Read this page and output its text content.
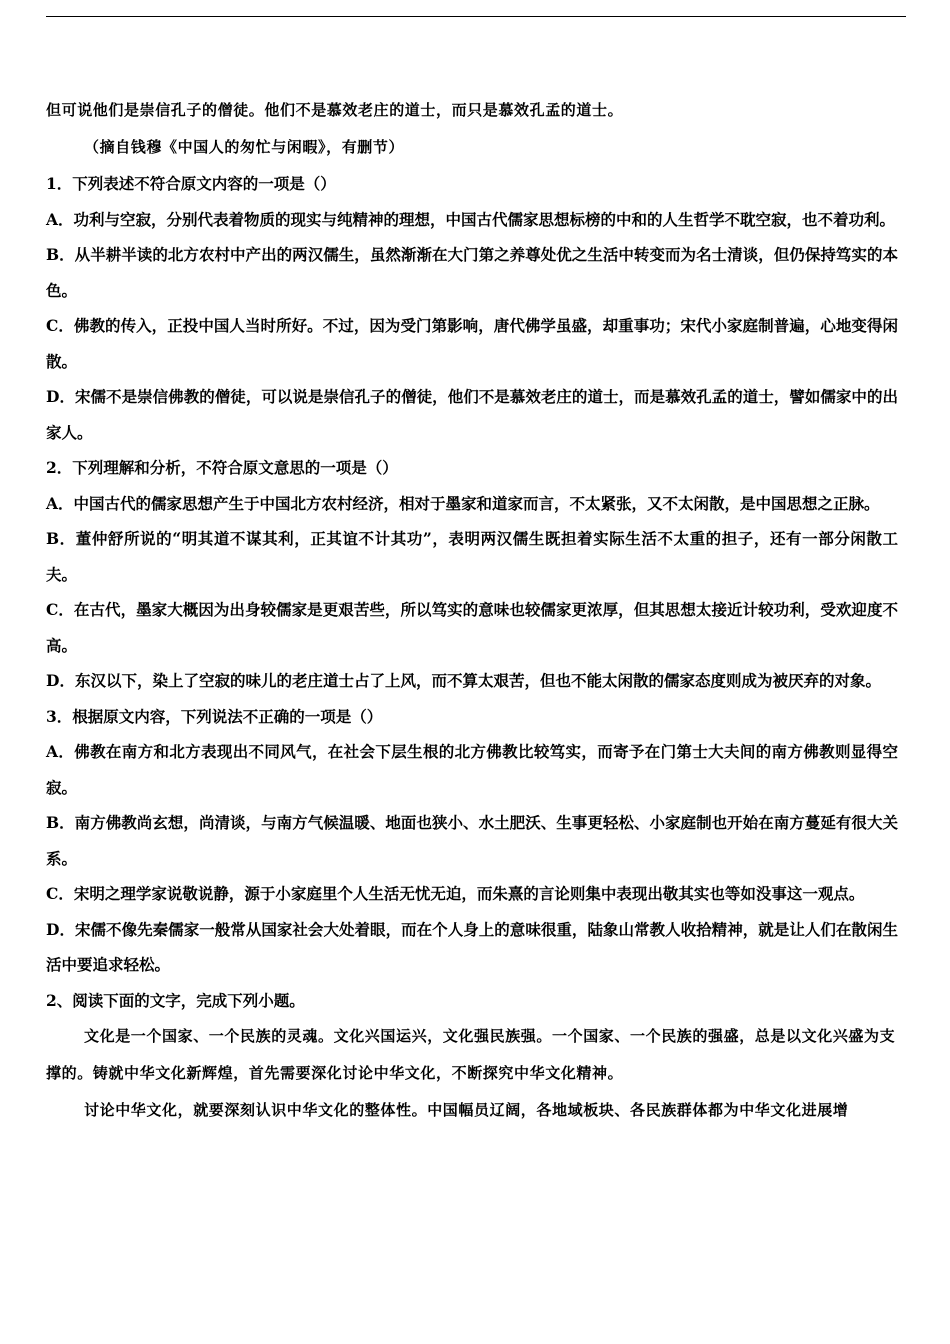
但可说他们是崇信孔子的僧徒。他们不是慕效老庄的道士，而只是慕效孔孟的道士。

（摘自钱穆《中国人的匆忙与闲暇》，有删节）

1．下列表述不符合原文内容的一项是（）

A．功利与空寂，分别代表着物质的现实与纯精神的理想，中国古代儒家思想标榜的中和的人生哲学不耽空寂，也不着功利。

B．从半耕半读的北方农村中产出的两汉儒生，虽然渐渐在大门第之养尊处优之生活中转变而为名士清谈，但仍保持笃实的本色。

C．佛教的传入，正投中国人当时所好。不过，因为受门第影响，唐代佛学虽盛，却重事功；宋代小家庭制普遍，心地变得闲散。

D．宋儒不是崇信佛教的僧徒，可以说是崇信孔子的僧徒，他们不是慕效老庄的道士，而是慕效孔孟的道士，譬如儒家中的出家人。

2．下列理解和分析，不符合原文意思的一项是（）

A．中国古代的儒家思想产生于中国北方农村经济，相对于墨家和道家而言，不太紧张，又不太闲散，是中国思想之正脉。

B．董仲舒所说的“明其道不谋其利，正其谊不计其功”，表明两汉儒生既担着实际生活不太重的担子，还有一部分闲散工夫。

C．在古代，墨家大概因为出身较儒家是更艰苦些，所以笃实的意味也较儒家更浓厚，但其思想太接近计较功利，受欢迎度不高。

D．东汉以下，染上了空寂的味儿的老庄道士占了上风，而不算太艰苦，但也不能太闲散的儒家态度则成为被厌弃的对象。

3．根据原文内容，下列说法不正确的一项是（）

A．佛教在南方和北方表现出不同风气，在社会下层生根的北方佛教比较笃实，而寄予在门第士大夫间的南方佛教则显得空寂。

B．南方佛教尚玄想，尚清谈，与南方气候温暖、地面也狭小、水土肥沃、生事更轻松、小家庭制也开始在南方蔓延有很大关系。

C．宋明之理学家说敬说静，源于小家庭里个人生活无忧无迫，而朱熹的言论则集中表现出敬其实也等如没事这一观点。

D．宋儒不像先秦儒家一般常从国家社会大处着眼，而在个人身上的意味很重，陆象山常教人收拾精神，就是让人们在散闲生活中要追求轻松。

2、阅读下面的文字，完成下列小题。

文化是一个国家、一个民族的灵魂。文化兴国运兴，文化强民族强。一个国家、一个民族的强盛，总是以文化兴盛为支撑的。铸就中华文化新辉煌，首先需要深化讨论中华文化，不断探究中华文化精神。

讨论中华文化，就要深刻认识中华文化的整体性。中国幅员辽阔，各地域板块、各民族群体都为中华文化进展增
